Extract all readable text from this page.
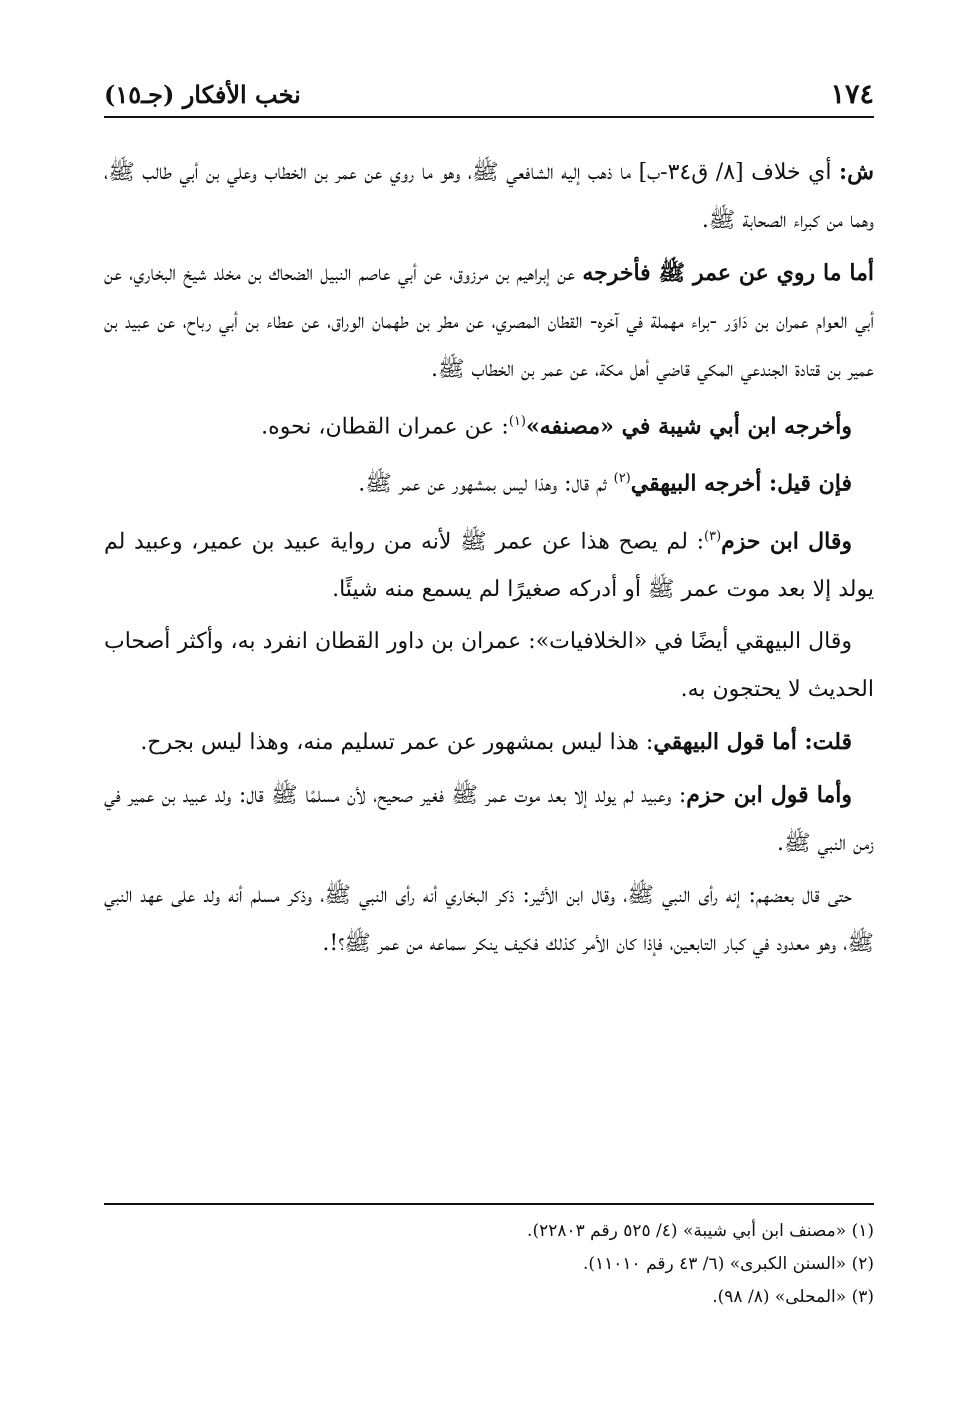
١٧٤
نخب الأفكار (جـ١٥)

ش: أي خلاف [٨/ ق٣٤-ب] ما ذهب إليه الشافعي ﷺ، وهو ما روي عن عمر بن الخطاب وعلي بن أبي طالب ﷺ، وهما من كبراء الصحابة ﷺ.

أما ما روي عن عمر ﷺ فأخرجه عن إبراهيم بن مرزوق، عن أبي عاصم النبيل الضحاك بن مخلد شيخ البخاري، عن أبي العوام عمران بن دَاوَر -براء مهملة في آخره- القطان المصري، عن مطر بن طهمان الوراق، عن عطاء بن أبي رباح، عن عبيد بن عمير بن قتادة الجندعي المكي قاضي أهل مكة، عن عمر بن الخطاب ﷺ.

وأخرجه ابن أبي شيبة في «مصنفه»$^{(١)}$: عن عمران القطان، نحوه.

فإن قيل: أخرجه البيهقي$^{(٢)}$ ثم قال: وهذا ليس بمشهور عن عمر ﷺ.

وقال ابن حزم$^{(٣)}$: لم يصح هذا عن عمر ﷺ لأنه من رواية عبيد بن عمير، وعبيد لم يولد إلا بعد موت عمر ﷺ أو أدركه صغيرًا لم يسمع منه شيئًا.

وقال البيهقي أيضًا في «الخلافيات»: عمران بن داور القطان انفرد به، وأكثر أصحاب الحديث لا يحتجون به.

قلت: أما قول البيهقي: هذا ليس بمشهور عن عمر تسليم منه، وهذا ليس بجرح.

وأما قول ابن حزم: وعبيد لم يولد إلا بعد موت عمر ﷺ فغير صحيح، لأن مسلمًا ﷺ قال: ولد عبيد بن عمير في زمن النبي ﷺ.

حتى قال بعضهم: إنه رأى النبي ﷺ، وقال ابن الأثير: ذكر البخاري أنه رأى النبي ﷺ، وذكر مسلم أنه ولد على عهد النبي ﷺ، وهو معدود في كبار التابعين، فإذا كان الأمر كذلك فكيف ينكر سماعه من عمر ﷺ؟!.

(١) «مصنف ابن أبي شيبة» (٤/ ٥٢٥ رقم ٢٢٨٠٣).

(٢) «السنن الكبرى» (٦/ ٤٣ رقم ١١٠١٠).

(٣) «المحلى» (٨/ ٩٨).
